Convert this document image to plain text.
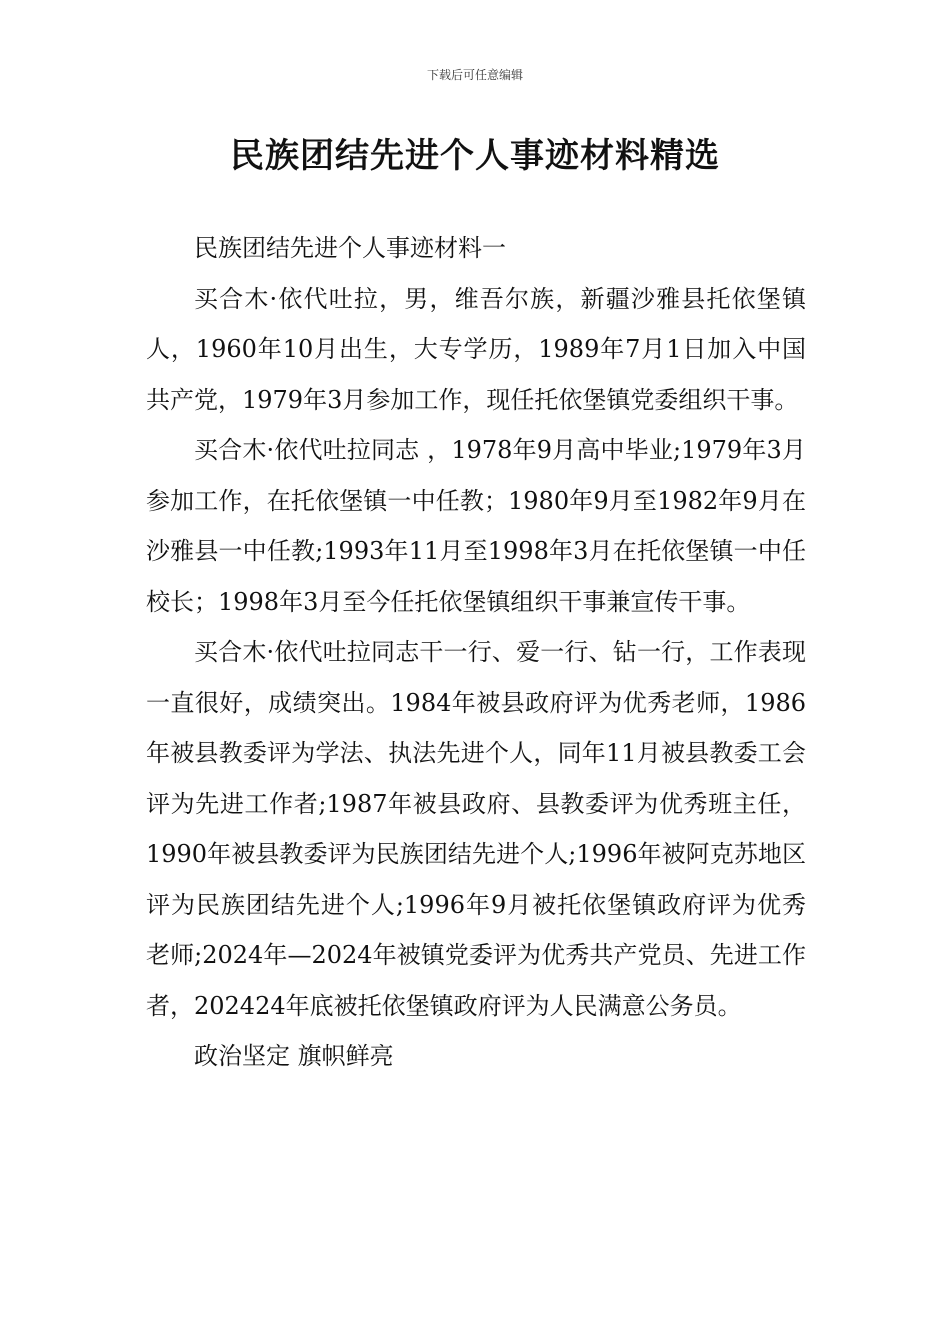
下载后可任意编辑
民族团结先进个人事迹材料精选

民族团结先进个人事迹材料一

买合木·依代吐拉，男，维吾尔族，新疆沙雅县托依堡镇人，1960年10月出生，大专学历，1989年7月1日加入中国共产党，1979年3月参加工作，现任托依堡镇党委组织干事。

买合木·依代吐拉同志 ，1978年9月高中毕业;1979年3月参加工作，在托依堡镇一中任教；1980年9月至1982年9月在沙雅县一中任教;1993年11月至1998年3月在托依堡镇一中任校长；1998年3月至今任托依堡镇组织干事兼宣传干事。

买合木·依代吐拉同志干一行、爱一行、钻一行，工作表现一直很好，成绩突出。1984年被县政府评为优秀老师，1986年被县教委评为学法、执法先进个人，同年11月被县教委工会评为先进工作者;1987年被县政府、县教委评为优秀班主任，1990年被县教委评为民族团结先进个人;1996年被阿克苏地区评为民族团结先进个人;1996年9月被托依堡镇政府评为优秀老师;2024年—2024年被镇党委评为优秀共产党员、先进工作者，202424年底被托依堡镇政府评为人民满意公务员。

政治坚定 旗帜鲜亮
